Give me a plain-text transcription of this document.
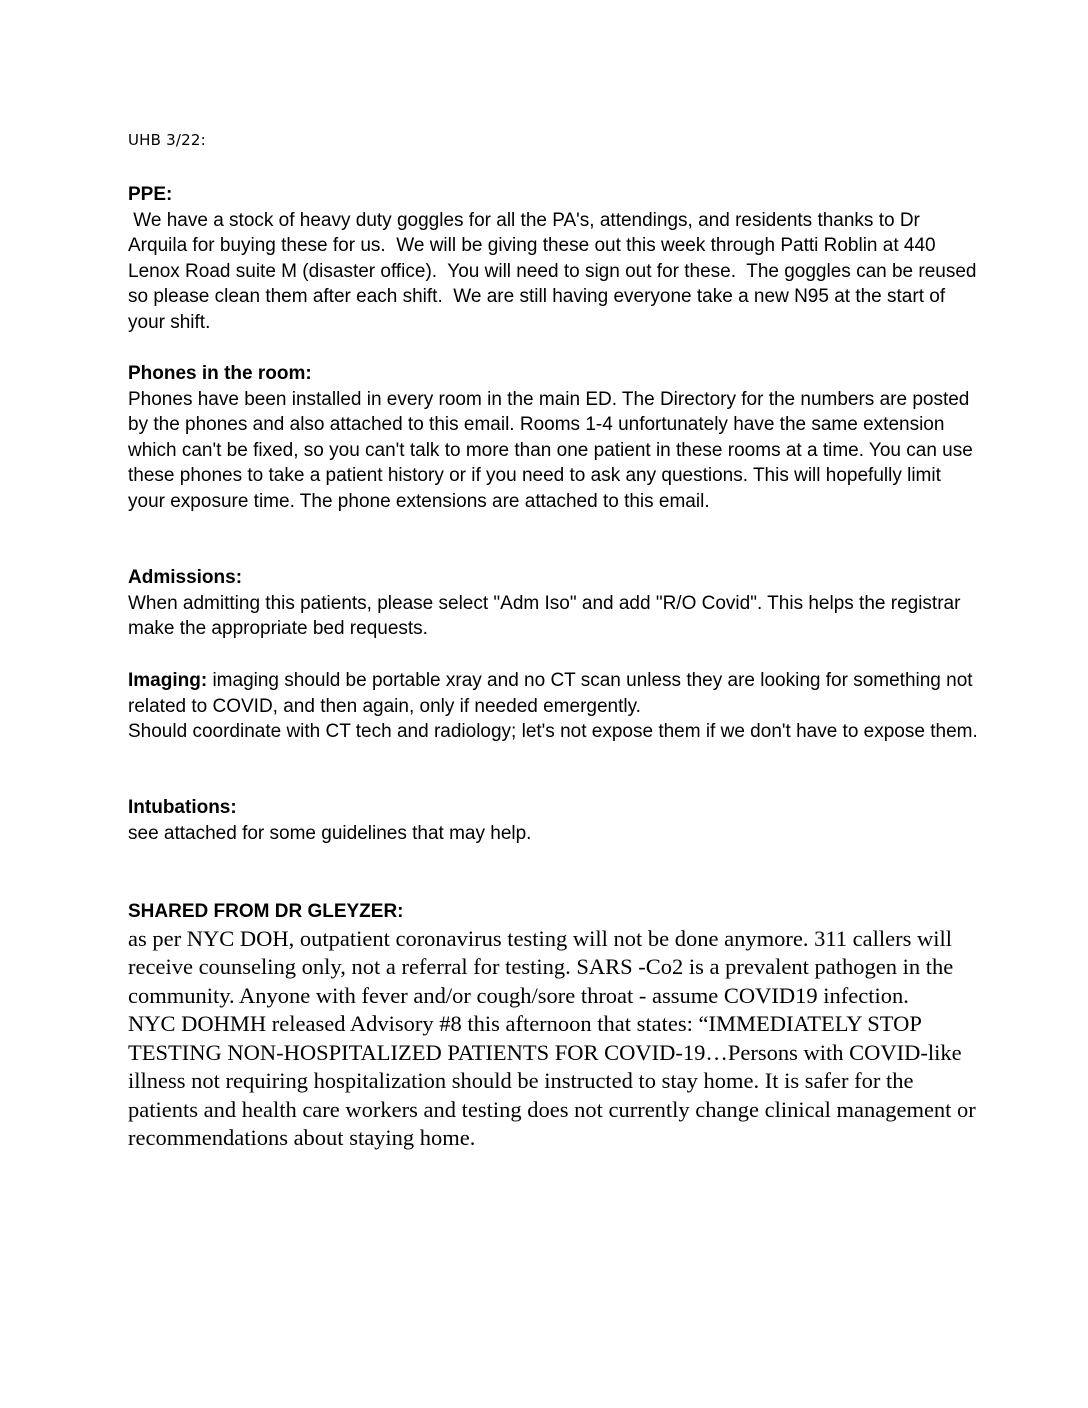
UHB 3/22:

PPE:

We have a stock of heavy duty goggles for all the PA's, attendings, and residents thanks to Dr Arquila for buying these for us.  We will be giving these out this week through Patti Roblin at 440 Lenox Road suite M (disaster office).  You will need to sign out for these.  The goggles can be reused so please clean them after each shift.  We are still having everyone take a new N95 at the start of your shift.

Phones in the room:

Phones have been installed in every room in the main ED. The Directory for the numbers are posted by the phones and also attached to this email. Rooms 1-4 unfortunately have the same extension which can't be fixed, so you can't talk to more than one patient in these rooms at a time. You can use these phones to take a patient history or if you need to ask any questions. This will hopefully limit your exposure time. The phone extensions are attached to this email.

Admissions:

When admitting this patients, please select "Adm Iso" and add "R/O Covid". This helps the registrar make the appropriate bed requests.

Imaging: imaging should be portable xray and no CT scan unless they are looking for something not related to COVID, and then again, only if needed emergently.

Should coordinate with CT tech and radiology; let's not expose them if we don't have to expose them.

Intubations:

see attached for some guidelines that may help.

SHARED FROM DR GLEYZER:

as per NYC DOH, outpatient coronavirus testing will not be done anymore. 311 callers will receive counseling only, not a referral for testing. SARS -Co2 is a prevalent pathogen in the community. Anyone with fever and/or cough/sore throat - assume COVID19 infection.

NYC DOHMH released Advisory #8 this afternoon that states: “IMMEDIATELY STOP TESTING NON-HOSPITALIZED PATIENTS FOR COVID-19…Persons with COVID-like illness not requiring hospitalization should be instructed to stay home. It is safer for the patients and health care workers and testing does not currently change clinical management or recommendations about staying home.
